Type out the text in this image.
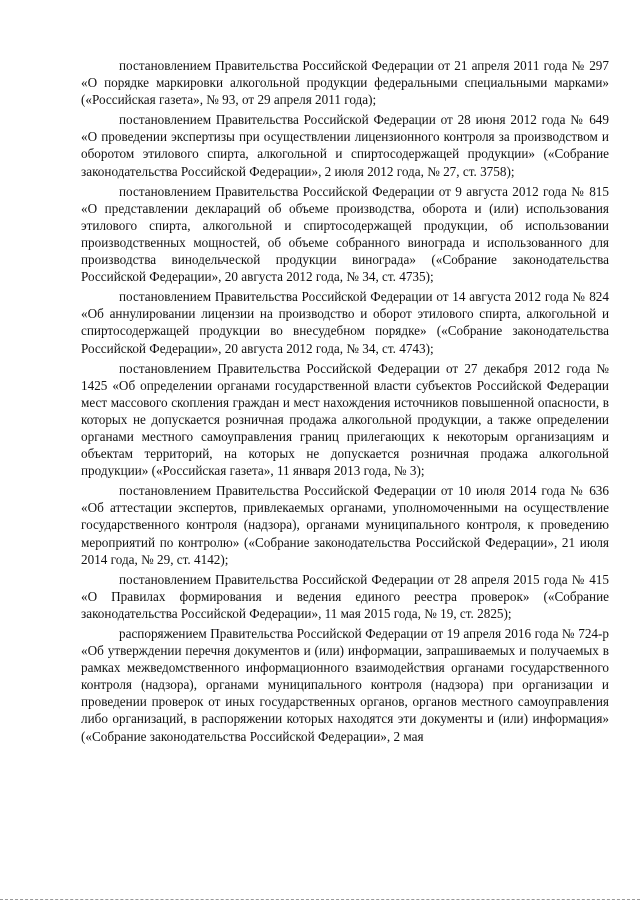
постановлением Правительства Российской Федерации от 21 апреля 2011 года № 297 «О порядке маркировки алкогольной продукции федеральными специальными марками» («Российская газета», № 93, от 29 апреля 2011 года);

постановлением Правительства Российской Федерации от 28 июня 2012 года № 649 «О проведении экспертизы при осуществлении лицензионного контроля за производством и оборотом этилового спирта, алкогольной и спиртосодержащей продукции» («Собрание законодательства Российской Федерации», 2 июля 2012 года, № 27, ст. 3758);

постановлением Правительства Российской Федерации от 9 августа 2012 года № 815 «О представлении деклараций об объеме производства, оборота и (или) использования этилового спирта, алкогольной и спиртосодержащей продукции, об использовании производственных мощностей, об объеме собранного винограда и использованного для производства винодельческой продукции винограда» («Собрание законодательства Российской Федерации», 20 августа 2012 года, № 34, ст. 4735);

постановлением Правительства Российской Федерации от 14 августа 2012 года № 824 «Об аннулировании лицензии на производство и оборот этилового спирта, алкогольной и спиртосодержащей продукции во внесудебном порядке» («Собрание законодательства Российской Федерации», 20 августа 2012 года, № 34, ст. 4743);

постановлением Правительства Российской Федерации от 27 декабря 2012 года № 1425 «Об определении органами государственной власти субъектов Российской Федерации мест массового скопления граждан и мест нахождения источников повышенной опасности, в которых не допускается розничная продажа алкогольной продукции, а также определении органами местного самоуправления границ прилегающих к некоторым организациям и объектам территорий, на которых не допускается розничная продажа алкогольной продукции» («Российская газета», 11 января 2013 года, № 3);

постановлением Правительства Российской Федерации от 10 июля 2014 года № 636 «Об аттестации экспертов, привлекаемых органами, уполномоченными на осуществление государственного контроля (надзора), органами муниципального контроля, к проведению мероприятий по контролю» («Собрание законодательства Российской Федерации», 21 июля 2014 года, № 29, ст. 4142);

постановлением Правительства Российской Федерации от 28 апреля 2015 года № 415 «О Правилах формирования и ведения единого реестра проверок» («Собрание законодательства Российской Федерации», 11 мая 2015 года, № 19, ст. 2825);

распоряжением Правительства Российской Федерации от 19 апреля 2016 года № 724-р «Об утверждении перечня документов и (или) информации, запрашиваемых и получаемых в рамках межведомственного информационного взаимодействия органами государственного контроля (надзора), органами муниципального контроля (надзора) при организации и проведении проверок от иных государственных органов, органов местного самоуправления либо организаций, в распоряжении которых находятся эти документы и (или) информация» («Собрание законодательства Российской Федерации», 2 мая
